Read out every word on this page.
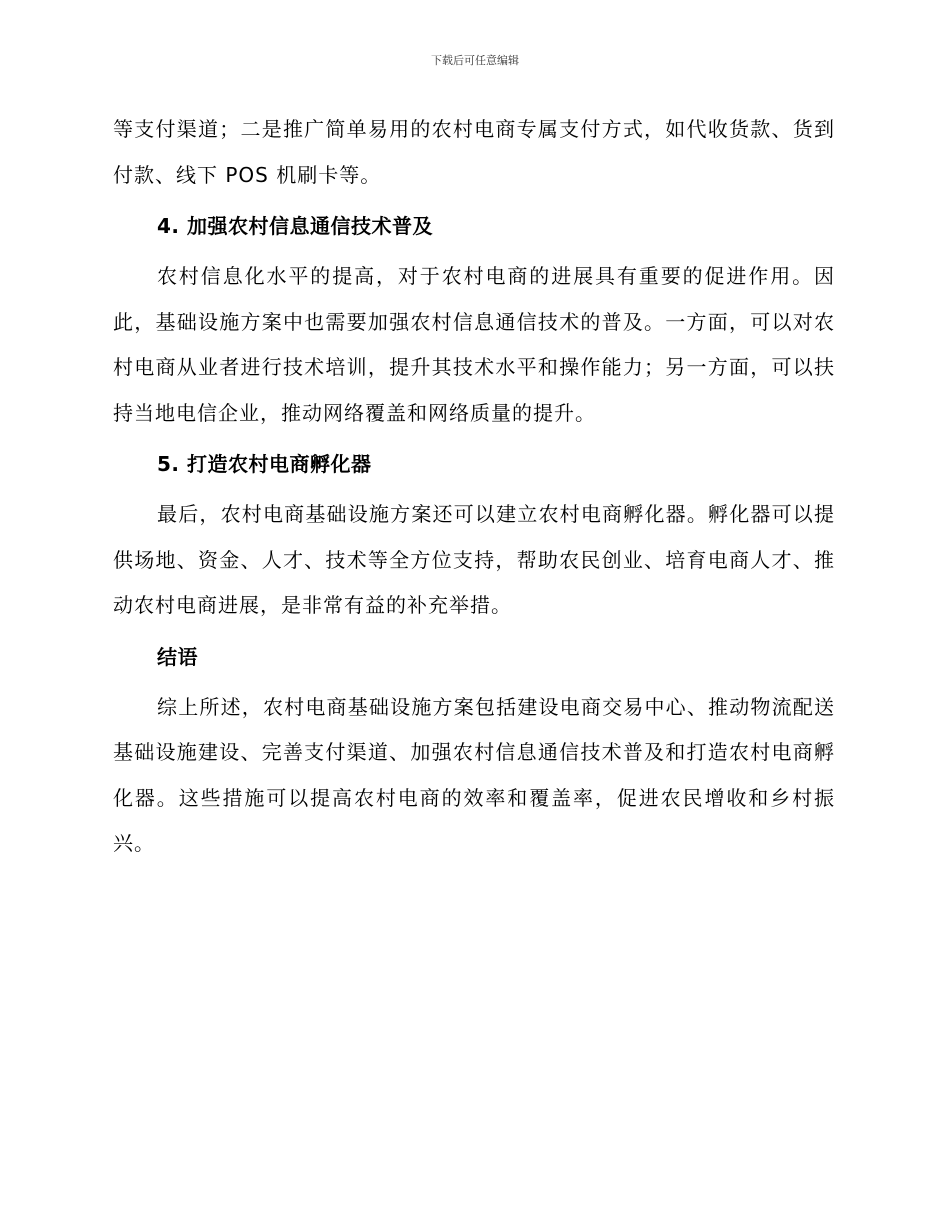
下载后可任意编辑

等支付渠道；二是推广简单易用的农村电商专属支付方式，如代收货款、货到付款、线下 POS 机刷卡等。

4. 加强农村信息通信技术普及

农村信息化水平的提高，对于农村电商的进展具有重要的促进作用。因此，基础设施方案中也需要加强农村信息通信技术的普及。一方面，可以对农村电商从业者进行技术培训，提升其技术水平和操作能力；另一方面，可以扶持当地电信企业，推动网络覆盖和网络质量的提升。

5. 打造农村电商孵化器

最后，农村电商基础设施方案还可以建立农村电商孵化器。孵化器可以提供场地、资金、人才、技术等全方位支持，帮助农民创业、培育电商人才、推动农村电商进展，是非常有益的补充举措。

结语

综上所述，农村电商基础设施方案包括建设电商交易中心、推动物流配送基础设施建设、完善支付渠道、加强农村信息通信技术普及和打造农村电商孵化器。这些措施可以提高农村电商的效率和覆盖率，促进农民增收和乡村振兴。
